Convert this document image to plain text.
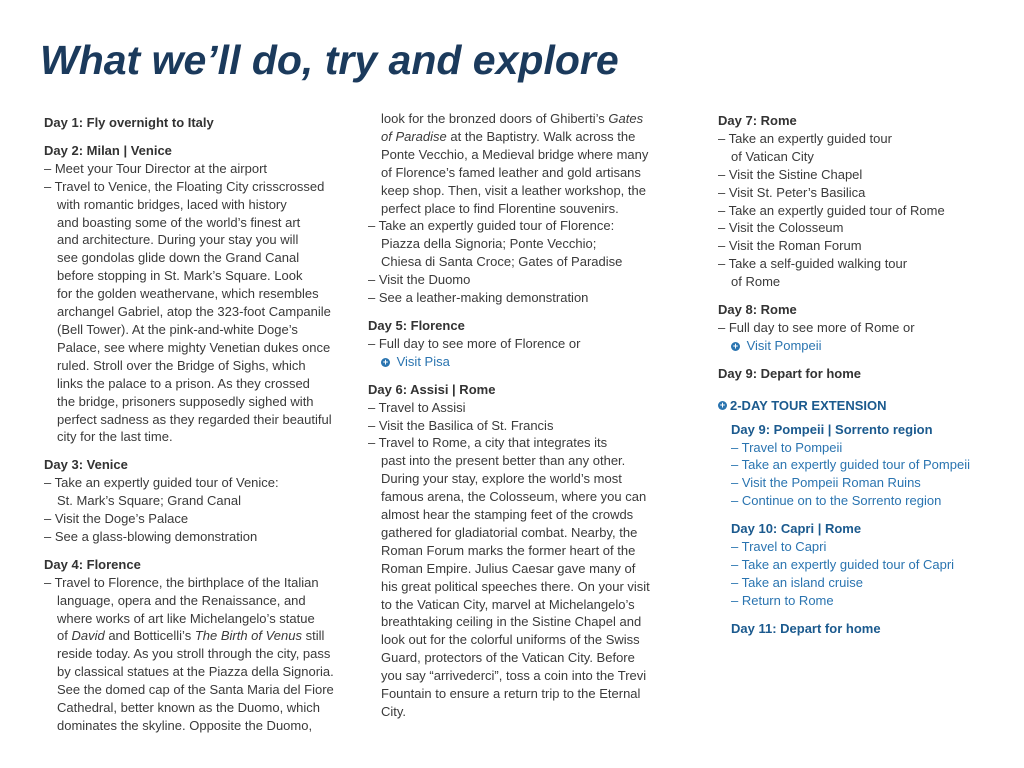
What we’ll do, try and explore
Day 1: Fly overnight to Italy
Day 2: Milan | Venice
– Meet your Tour Director at the airport
– Travel to Venice, the Floating City crisscrossed
with romantic bridges, laced with history
and boasting some of the world’s finest art
and architecture. During your stay you will
see gondolas glide down the Grand Canal
before stopping in St. Mark’s Square. Look
for the golden weathervane, which resembles
archangel Gabriel, atop the 323-foot Campanile
(Bell Tower). At the pink-and-white Doge’s
Palace, see where mighty Venetian dukes once
ruled. Stroll over the Bridge of Sighs, which
links the palace to a prison. As they crossed
the bridge, prisoners supposedly sighed with
perfect sadness as they regarded their beautiful
city for the last time.
Day 3: Venice
– Take an expertly guided tour of Venice:
St. Mark’s Square; Grand Canal
– Visit the Doge’s Palace
– See a glass-blowing demonstration
Day 4: Florence
– Travel to Florence, the birthplace of the Italian
language, opera and the Renaissance, and
where works of art like Michelangelo’s statue
of David and Botticelli’s The Birth of Venus still
reside today. As you stroll through the city, pass
by classical statues at the Piazza della Signoria.
See the domed cap of the Santa Maria del Fiore
Cathedral, better known as the Duomo, which
dominates the skyline. Opposite the Duomo,
look for the bronzed doors of Ghiberti’s Gates
of Paradise at the Baptistry. Walk across the
Ponte Vecchio, a Medieval bridge where many
of Florence’s famed leather and gold artisans
keep shop. Then, visit a leather workshop, the
perfect place to find Florentine souvenirs.
– Take an expertly guided tour of Florence:
Piazza della Signoria; Ponte Vecchio;
Chiesa di Santa Croce; Gates of Paradise
– Visit the Duomo
– See a leather-making demonstration
Day 5: Florence
– Full day to see more of Florence or
+ Visit Pisa
Day 6: Assisi | Rome
– Travel to Assisi
– Visit the Basilica of St. Francis
– Travel to Rome, a city that integrates its
past into the present better than any other.
During your stay, explore the world’s most
famous arena, the Colosseum, where you can
almost hear the stamping feet of the crowds
gathered for gladiatorial combat. Nearby, the
Roman Forum marks the former heart of the
Roman Empire. Julius Caesar gave many of
his great political speeches there. On your visit
to the Vatican City, marvel at Michelangelo’s
breathtaking ceiling in the Sistine Chapel and
look out for the colorful uniforms of the Swiss
Guard, protectors of the Vatican City. Before
you say “arrivederci”, toss a coin into the Trevi
Fountain to ensure a return trip to the Eternal
City.
Day 7: Rome
– Take an expertly guided tour
of Vatican City
– Visit the Sistine Chapel
– Visit St. Peter’s Basilica
– Take an expertly guided tour of Rome
– Visit the Colosseum
– Visit the Roman Forum
– Take a self-guided walking tour
of Rome
Day 8: Rome
– Full day to see more of Rome or
+ Visit Pompeii
Day 9: Depart for home
+ 2-DAY TOUR EXTENSION
Day 9: Pompeii | Sorrento region
– Travel to Pompeii
– Take an expertly guided tour of Pompeii
– Visit the Pompeii Roman Ruins
– Continue on to the Sorrento region
Day 10: Capri | Rome
– Travel to Capri
– Take an expertly guided tour of Capri
– Take an island cruise
– Return to Rome
Day 11: Depart for home
